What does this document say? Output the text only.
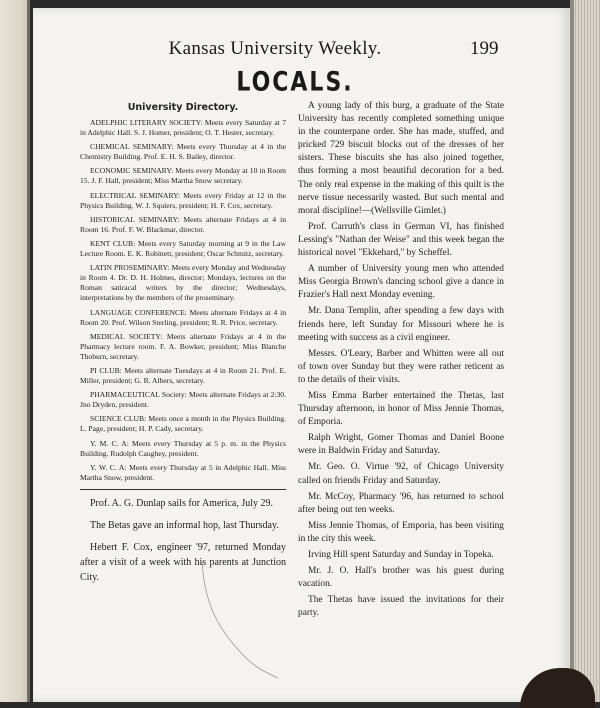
Kansas University Weekly.	199
LOCALS.
University Directory.

ADELPHIC LITERARY SOCIETY: Meets every Saturday at 7 in Adelphic Hall. S. J. Homer, president; O. T. Hester, secretary.

CHEMICAL SEMINARY: Meets every Thursday at 4 in the Chemistry Building. Prof. E. H. S. Bailey, director.

ECONOMIC SEMINARY: Meets every Monday at 10 in Room 15. J. F. Hall, president; Miss Martha Snow secretary.

ELECTRICAL SEMINARY: Meets every Friday at 12 in the Physics Building. W. J. Squiers, president; H. F. Cox, secretary.

HISTORICAL SEMINARY: Meets alternate Fridays at 4 in Room 16. Prof. F. W. Blackmar, director.

KENT CLUB: Meets every Saturday morning at 9 in the Law Lecture Room. E. K. Robinett, president; Oscar Schmitz, secretary.

LATIN PROSEMINARY: Meets every Monday and Wednesday in Room 4. Dr. D. H. Holmes, director; Mondays, lectures on the Roman satiracal writers by the director; Wednesdays, interpretations by the members of the proseminary.

LANGUAGE CONFERENCE: Meets alternate Fridays at 4 in Room 20. Prof. Wilson Sterling, president; R. R. Price, secretary.

MEDICAL SOCIETY: Meets alternate Fridays at 4 in the Pharmacy lecture room. F. A. Bowker, president; Miss Blanche Thoburn, secretary.

PI CLUB: Meets alternate Tuesdays at 4 in Room 21. Prof. E. Miller, president; G. R. Albers, secretary.

PHARMACEUTICAL Society: Meets alternate Fridays at 2:30. Jno Dryden, president.

SCIENCE CLUB: Meets once a month in the Physics Building. L. Page, president; H. P. Cady, secretary.

Y. M. C. A: Meets every Thursday at 5 p. m. in the Physics Building. Rudolph Caughey, president.

Y. W. C. A: Meets every Thursday at 5 in Adelphic Hall. Miss Martha Snow, president.

Prof. A. G. Dunlap sails for America, July 29.

The Betas gave an informal hop, last Thursday.

Hebert F. Cox, engineer '97, returned Monday after a visit of a week with his parents at Junction City.

A young lady of this burg, a graduate of the State University has recently completed something unique in the counterpane order. She has made, stuffed, and pricked 729 biscuit blocks out of the dresses of her sisters. These biscuits she has also joined together, thus forming a most beautiful decoration for a bed. The only real expense in the making of this quilt is the nerve tissue necessarily wasted. But such mental and moral discipline!—(Wellsville Gimlet.)

Prof. Carruth's class in German VI, has finished Lessing's "Nathan der Weise" and this week began the historical novel "Ekkehard," by Scheffel.

A number of University young men who attended Miss Georgia Brown's dancing school give a dance in Frazier's Hall next Monday evening.

Mr. Dana Templin, after spending a few days with friends here, left Sunday for Missouri where he is meeting with success as a civil engineer.

Messrs. O'Leary, Barber and Whitten were all out of town over Sunday but they were rather reticent as to the details of their visits.

Miss Emma Barber entertained the Thetas, last Thursday afternoon, in honor of Miss Jennie Thomas, of Emporia.

Ralph Wright, Gomer Thomas and Daniel Boone were in Baldwin Friday and Saturday.

Mr. Geo. O. Virtue '92, of Chicago University called on friends Friday and Saturday.

Mr. McCoy, Pharmacy '96, has returned to school after being out ten weeks.

Miss Jennie Thomas, of Emporia, has been visiting in the city this week.

Irving Hill spent Saturday and Sunday in Topeka.

Mr. J. O. Hall's brother was his guest during vacation.

The Thetas have issued the invitations for their party.
